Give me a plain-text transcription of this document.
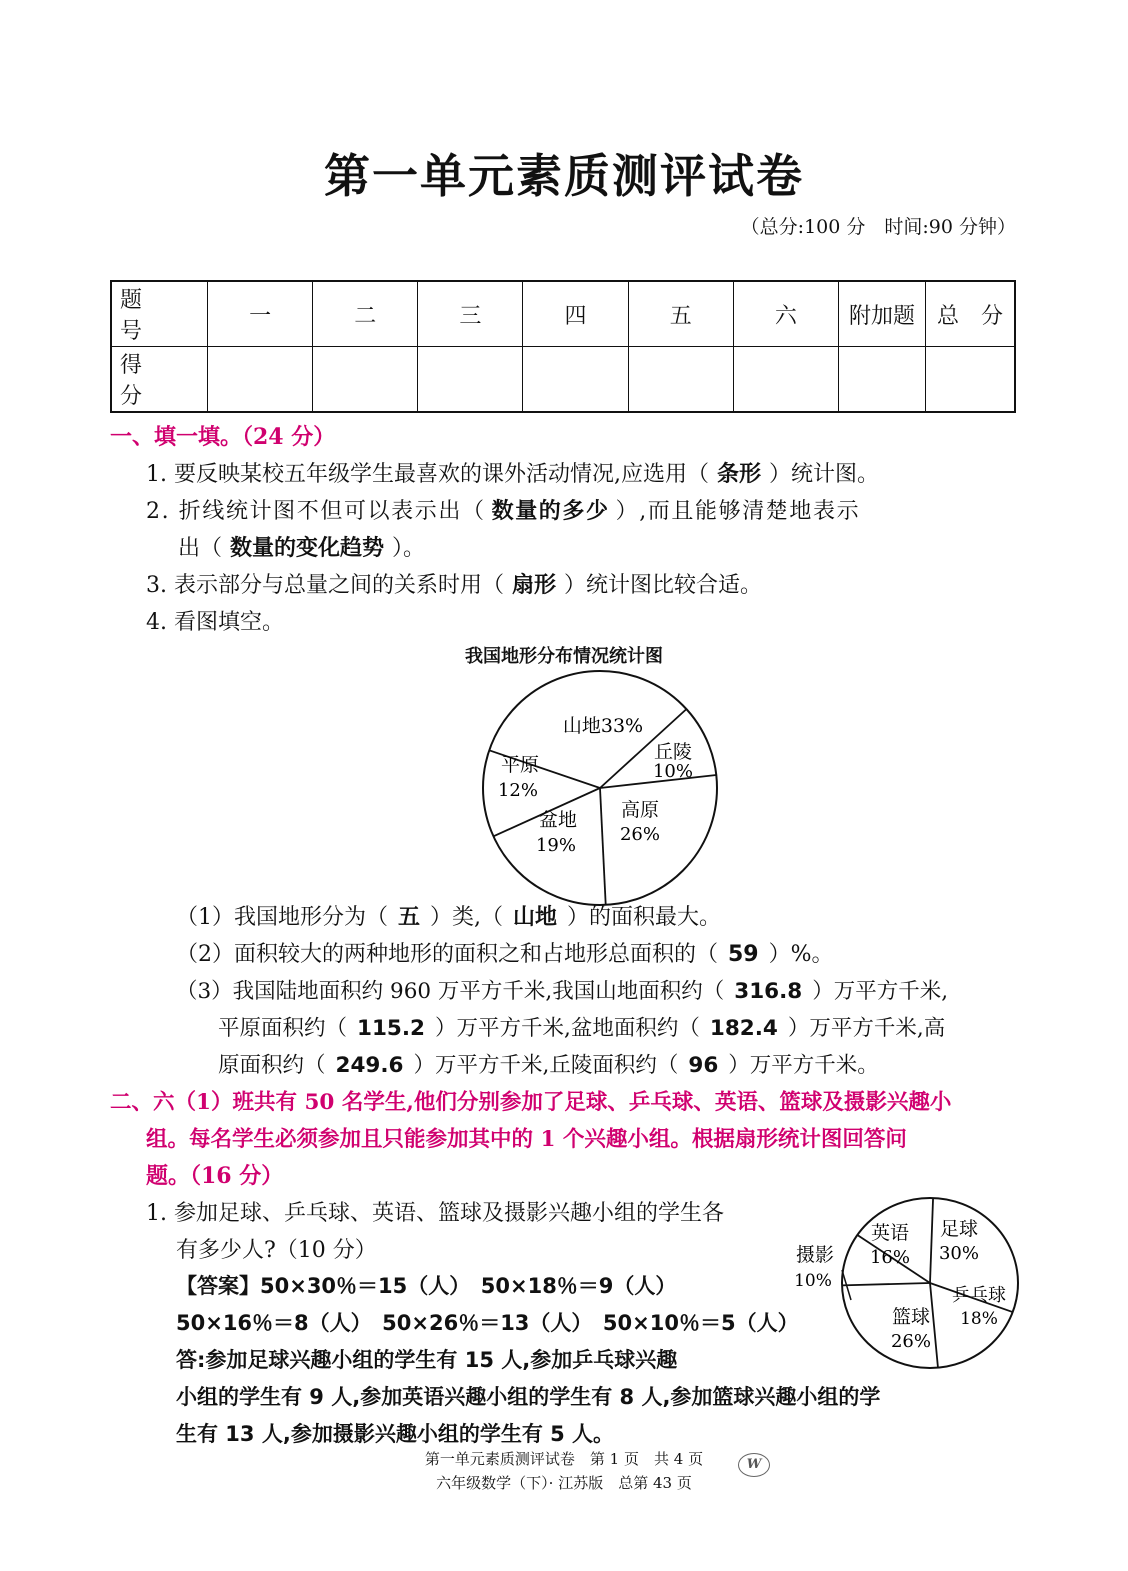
第一单元素质测评试卷
（总分:100 分　时间:90 分钟）
题　号	一	二	三	四	五	六	附加题	总　分
得　分								
一、填一填。（24 分）
1. 要反映某校五年级学生最喜欢的课外活动情况,应选用（ 条形 ）统计图。
2. 折线统计图不但可以表示出（ 数量的多少 ）,而且能够清楚地表示
出（ 数量的变化趋势 ）。
3. 表示部分与总量之间的关系时用（ 扇形 ）统计图比较合适。
4. 看图填空。
我国地形分布情况统计图
山地33%
丘陵
10%
高原
26%
盆地
19%
平原
12%
（1）我国地形分为（ 五 ）类,（ 山地 ）的面积最大。
（2）面积较大的两种地形的面积之和占地形总面积的（ 59 ）%。
（3）我国陆地面积约 960 万平方千米,我国山地面积约（ 316.8 ）万平方千米,
平原面积约（ 115.2 ）万平方千米,盆地面积约（ 182.4 ）万平方千米,高
原面积约（ 249.6 ）万平方千米,丘陵面积约（ 96 ）万平方千米。
二、六（1）班共有 50 名学生,他们分别参加了足球、乒乓球、英语、篮球及摄影兴趣小
组。每名学生必须参加且只能参加其中的 1 个兴趣小组。根据扇形统计图回答问
题。（16 分）
1. 参加足球、乒乓球、英语、篮球及摄影兴趣小组的学生各
有多少人?（10 分）
【答案】50×30％＝15（人）　50×18％＝9（人）
50×16％＝8（人）　50×26％＝13（人）　50×10％＝5（人）
答:参加足球兴趣小组的学生有 15 人,参加乒乓球兴趣
小组的学生有 9 人,参加英语兴趣小组的学生有 8 人,参加篮球兴趣小组的学
生有 13 人,参加摄影兴趣小组的学生有 5 人。
足球
30%
乒乓球
18%
篮球
26%
摄影
10%
英语
16%
第一单元素质测评试卷　第 1 页　共 4 页
六年级数学（下）· 江苏版　总第 43 页
W
